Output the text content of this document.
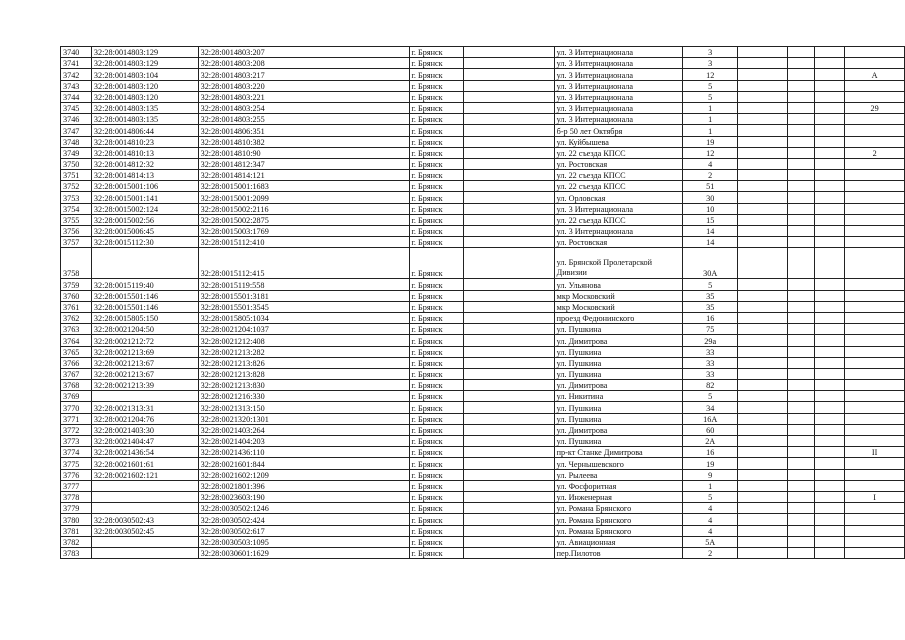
3740	32:28:0014803:129	32:28:0014803:207	г. Брянск		ул. 3 Интернационала	3				
3741	32:28:0014803:129	32:28:0014803:208	г. Брянск		ул. 3 Интернационала	3				
3742	32:28:0014803:104	32:28:0014803:217	г. Брянск		ул. 3 Интернационала	12				А
3743	32:28:0014803:120	32:28:0014803:220	г. Брянск		ул. 3 Интернационала	5				
3744	32:28:0014803:120	32:28:0014803:221	г. Брянск		ул. 3 Интернационала	5				
3745	32:28:0014803:135	32:28:0014803:254	г. Брянск		ул. 3 Интернационала	1				29
3746	32:28:0014803:135	32:28:0014803:255	г. Брянск		ул. 3 Интернационала	1				
3747	32:28:0014806:44	32:28:0014806:351	г. Брянск		б-р 50 лет Октября	1				
3748	32:28:0014810:23	32:28:0014810:382	г. Брянск		ул. Куйбышева	19				
3749	32:28:0014810:13	32:28:0014810:90	г. Брянск		ул. 22 съезда КПСС	12				2
3750	32:28:0014812:32	32:28:0014812:347	г. Брянск		ул. Ростовская	4				
3751	32:28:0014814:13	32:28:0014814:121	г. Брянск		ул. 22 съезда КПСС	2				
3752	32:28:0015001:106	32:28:0015001:1683	г. Брянск		ул. 22 съезда КПСС	51				
3753	32:28:0015001:141	32:28:0015001:2099	г. Брянск		ул. Орловская	30				
3754	32:28:0015002:124	32:28:0015002:2116	г. Брянск		ул. 3 Интернационала	10				
3755	32:28:0015002:56	32:28:0015002:2875	г. Брянск		ул. 22 съезда КПСС	15				
3756	32:28:0015006:45	32:28:0015003:1769	г. Брянск		ул. 3 Интернационала	14				
3757	32:28:0015112:30	32:28:0015112:410	г. Брянск		ул. Ростовская	14				
3758		32:28:0015112:415	г. Брянск		ул. Брянской Пролетарской Дивизии	30А				
3759	32:28:0015119:40	32:28:0015119:558	г. Брянск		ул. Ульянова	5				
3760	32:28:0015501:146	32:28:0015501:3181	г. Брянск		мкр Московский	35				
3761	32:28:0015501:146	32:28:0015501:3545	г. Брянск		мкр Московский	35				
3762	32:28:0015805:150	32:28:0015805:1034	г. Брянск		проезд Федюнинского	16				
3763	32:28:0021204:50	32:28:0021204:1037	г. Брянск		ул. Пушкина	75				
3764	32:28:0021212:72	32:28:0021212:408	г. Брянск		ул. Димитрова	29а				
3765	32:28:0021213:69	32:28:0021213:282	г. Брянск		ул. Пушкина	33				
3766	32:28:0021213:67	32:28:0021213:826	г. Брянск		ул. Пушкина	33				
3767	32:28:0021213:67	32:28:0021213:828	г. Брянск		ул. Пушкина	33				
3768	32:28:0021213:39	32:28:0021213:830	г. Брянск		ул. Димитрова	82				
3769		32:28:0021216:330	г. Брянск		ул. Никитина	5				
3770	32:28:0021313:31	32:28:0021313:150	г. Брянск		ул. Пушкина	34				
3771	32:28:0021204:76	32:28:0021320:1301	г. Брянск		ул. Пушкина	16А				
3772	32:28:0021403:30	32:28:0021403:264	г. Брянск		ул. Димитрова	60				
3773	32:28:0021404:47	32:28:0021404:203	г. Брянск		ул. Пушкина	2А				
3774	32:28:0021436:54	32:28:0021436:110	г. Брянск		пр-кт Станке Димитрова	16				II
3775	32:28:0021601:61	32:28:0021601:844	г. Брянск		ул. Чернышевского	19				
3776	32:28:0021602:121	32:28:0021602:1209	г. Брянск		ул. Рылеева	9				
3777		32:28:0021801:396	г. Брянск		ул. Фосфоритная	1				
3778		32:28:0023603:190	г. Брянск		ул. Инженерная	5				I
3779		32:28:0030502:1246	г. Брянск		ул. Романа Брянского	4				
3780	32:28:0030502:43	32:28:0030502:424	г. Брянск		ул. Романа Брянского	4				
3781	32:28:0030502:45	32:28:0030502:617	г. Брянск		ул. Романа Брянского	4				
3782		32:28:0030503:1095	г. Брянск		ул. Авиационная	5А				
3783		32:28:0030601:1629	г. Брянск		пер.Пилотов	2				
